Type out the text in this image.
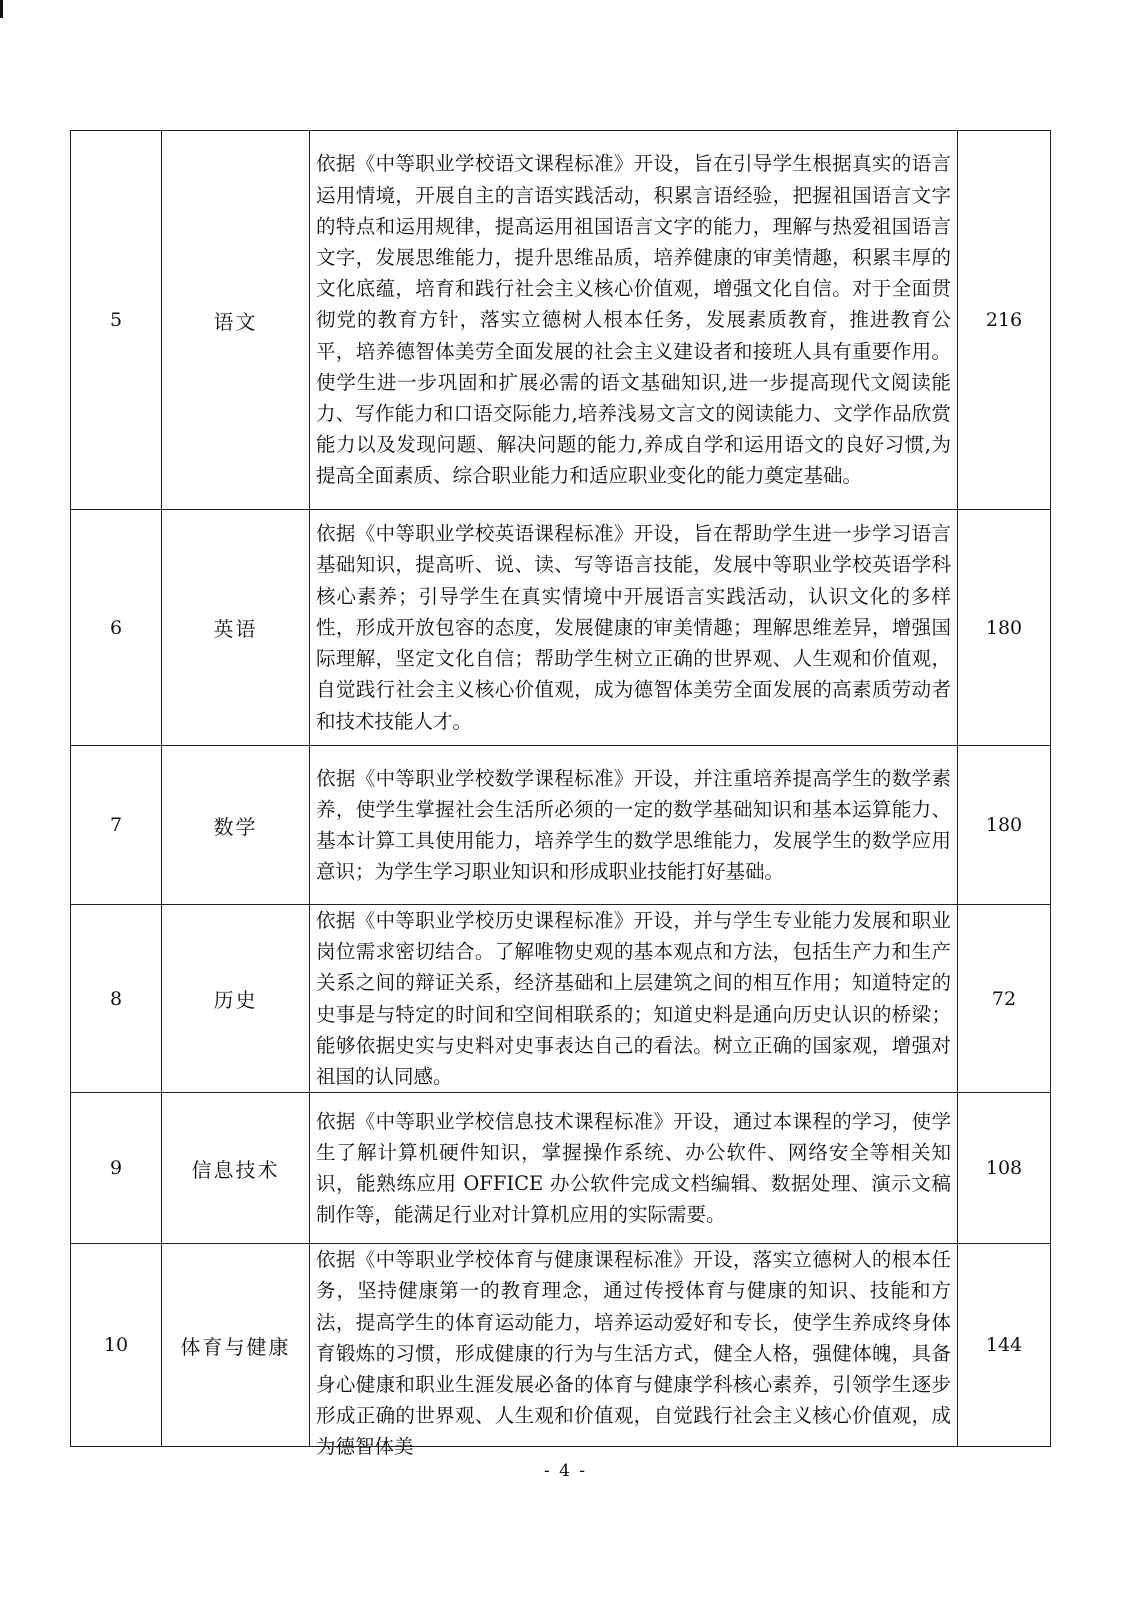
5	语文	依据《中等职业学校语文课程标准》开设，旨在引导学生根据真实的语言运用情境，开展自主的言语实践活动，积累言语经验，把握祖国语言文字的特点和运用规律，提高运用祖国语言文字的能力，理解与热爱祖国语言文字，发展思维能力，提升思维品质，培养健康的审美情趣，积累丰厚的文化底蕴，培育和践行社会主义核心价值观，增强文化自信。对于全面贯彻党的教育方针，落实立德树人根本任务，发展素质教育，推进教育公平，培养德智体美劳全面发展的社会主义建设者和接班人具有重要作用。使学生进一步巩固和扩展必需的语文基础知识,进一步提高现代文阅读能力、写作能力和口语交际能力,培养浅易文言文的阅读能力、文学作品欣赏能力以及发现问题、解决问题的能力,养成自学和运用语文的良好习惯,为提高全面素质、综合职业能力和适应职业变化的能力奠定基础。	216
6	英语	依据《中等职业学校英语课程标准》开设，旨在帮助学生进一步学习语言基础知识，提高听、说、读、写等语言技能，发展中等职业学校英语学科核心素养；引导学生在真实情境中开展语言实践活动，认识文化的多样性，形成开放包容的态度，发展健康的审美情趣；理解思维差异，增强国际理解，坚定文化自信；帮助学生树立正确的世界观、人生观和价值观，自觉践行社会主义核心价值观，成为德智体美劳全面发展的高素质劳动者和技术技能人才。	180
7	数学	依据《中等职业学校数学课程标准》开设，并注重培养提高学生的数学素养，使学生掌握社会生活所必须的一定的数学基础知识和基本运算能力、基本计算工具使用能力，培养学生的数学思维能力，发展学生的数学应用意识；为学生学习职业知识和形成职业技能打好基础。	180
8	历史	依据《中等职业学校历史课程标准》开设，并与学生专业能力发展和职业岗位需求密切结合。了解唯物史观的基本观点和方法，包括生产力和生产关系之间的辩证关系，经济基础和上层建筑之间的相互作用；知道特定的史事是与特定的时间和空间相联系的；知道史料是通向历史认识的桥梁；能够依据史实与史料对史事表达自己的看法。树立正确的国家观，增强对祖国的认同感。	72
9	信息技术	依据《中等职业学校信息技术课程标准》开设，通过本课程的学习，使学生了解计算机硬件知识，掌握操作系统、办公软件、网络安全等相关知识，能熟练应用 OFFICE 办公软件完成文档编辑、数据处理、演示文稿制作等，能满足行业对计算机应用的实际需要。	108
10	体育与健康	依据《中等职业学校体育与健康课程标准》开设，落实立德树人的根本任务，坚持健康第一的教育理念，通过传授体育与健康的知识、技能和方法，提高学生的体育运动能力，培养运动爱好和专长，使学生养成终身体育锻炼的习惯，形成健康的行为与生活方式，健全人格，强健体魄，具备身心健康和职业生涯发展必备的体育与健康学科核心素养，引领学生逐步形成正确的世界观、人生观和价值观，自觉践行社会主义核心价值观，成为德智体美	144
- 4 -
